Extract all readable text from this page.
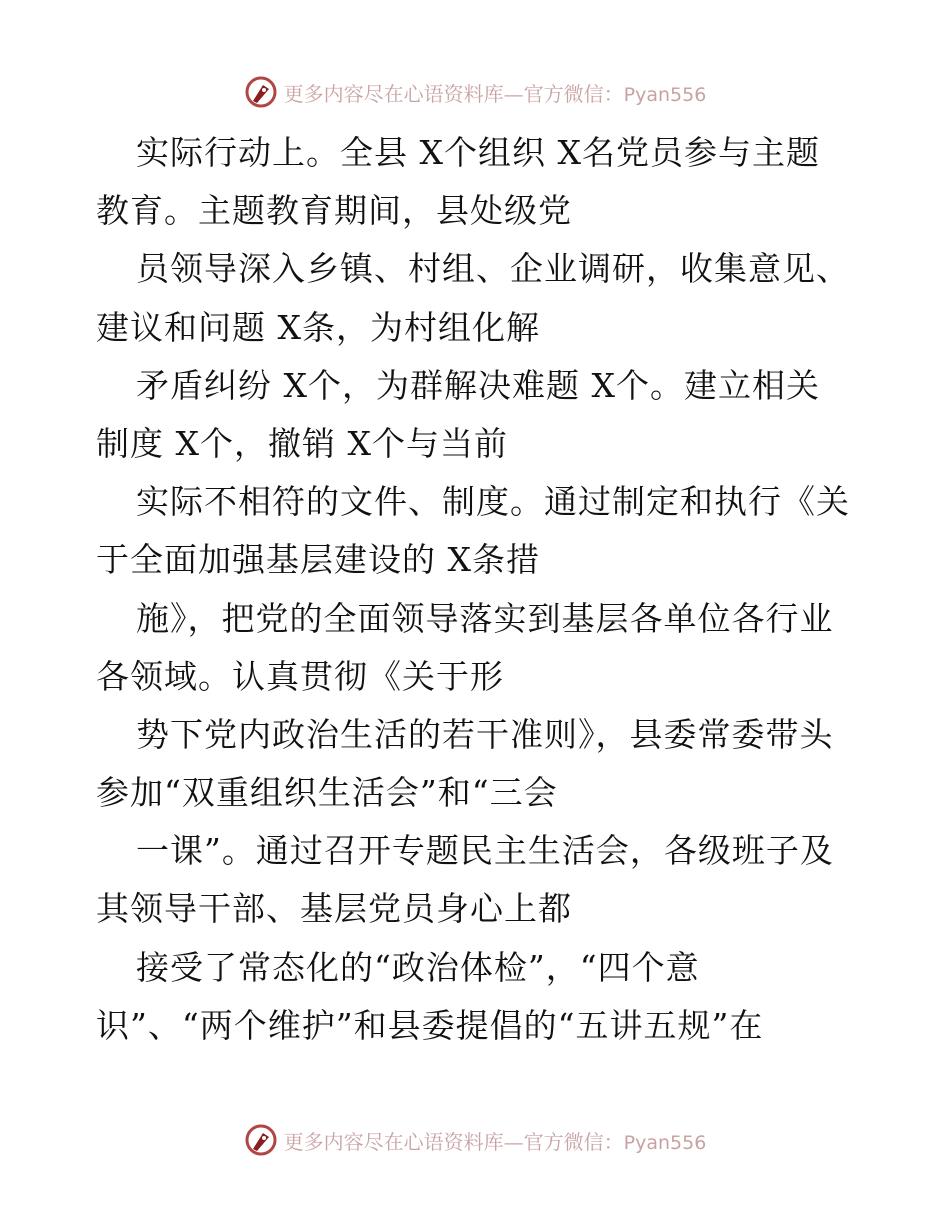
更多内容尽在心语资料库—官方微信：Pyan556
实际行动上。全县 X个组织 X名党员参与主题
教育。主题教育期间，县处级党
员领导深入乡镇、村组、企业调研，收集意见、
建议和问题 X条，为村组化解
矛盾纠纷 X个，为群解决难题 X个。建立相关
制度 X个，撤销 X个与当前
实际不相符的文件、制度。通过制定和执行《关
于全面加强基层建设的 X条措
施》，把党的全面领导落实到基层各单位各行业
各领域。认真贯彻《关于形
势下党内政治生活的若干准则》，县委常委带头
参加“双重组织生活会”和“三会
一课”。通过召开专题民主生活会，各级班子及
其领导干部、基层党员身心上都
接受了常态化的“政治体检”，“四个意
识”、“两个维护”和县委提倡的“五讲五规”在
更多内容尽在心语资料库—官方微信：Pyan556
